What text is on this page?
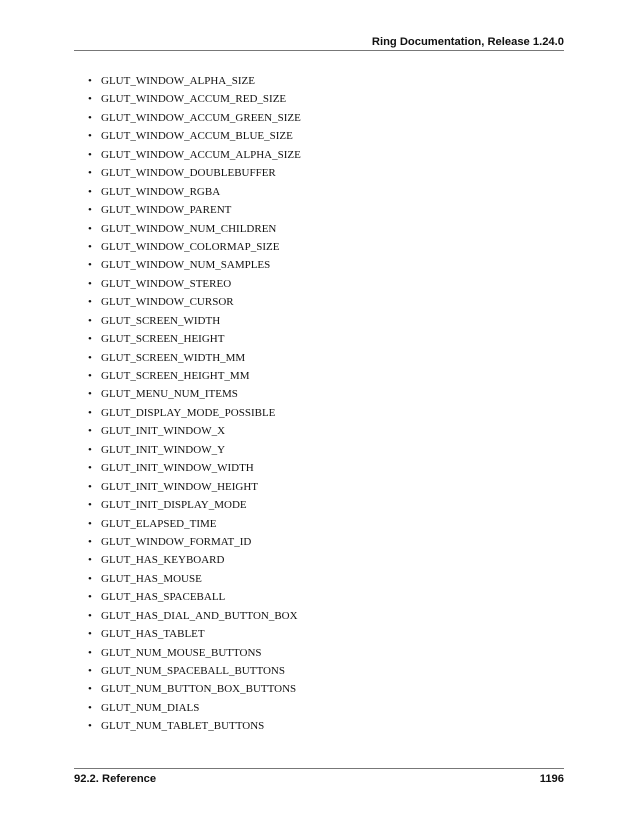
Ring Documentation, Release 1.24.0
• GLUT_WINDOW_ALPHA_SIZE
• GLUT_WINDOW_ACCUM_RED_SIZE
• GLUT_WINDOW_ACCUM_GREEN_SIZE
• GLUT_WINDOW_ACCUM_BLUE_SIZE
• GLUT_WINDOW_ACCUM_ALPHA_SIZE
• GLUT_WINDOW_DOUBLEBUFFER
• GLUT_WINDOW_RGBA
• GLUT_WINDOW_PARENT
• GLUT_WINDOW_NUM_CHILDREN
• GLUT_WINDOW_COLORMAP_SIZE
• GLUT_WINDOW_NUM_SAMPLES
• GLUT_WINDOW_STEREO
• GLUT_WINDOW_CURSOR
• GLUT_SCREEN_WIDTH
• GLUT_SCREEN_HEIGHT
• GLUT_SCREEN_WIDTH_MM
• GLUT_SCREEN_HEIGHT_MM
• GLUT_MENU_NUM_ITEMS
• GLUT_DISPLAY_MODE_POSSIBLE
• GLUT_INIT_WINDOW_X
• GLUT_INIT_WINDOW_Y
• GLUT_INIT_WINDOW_WIDTH
• GLUT_INIT_WINDOW_HEIGHT
• GLUT_INIT_DISPLAY_MODE
• GLUT_ELAPSED_TIME
• GLUT_WINDOW_FORMAT_ID
• GLUT_HAS_KEYBOARD
• GLUT_HAS_MOUSE
• GLUT_HAS_SPACEBALL
• GLUT_HAS_DIAL_AND_BUTTON_BOX
• GLUT_HAS_TABLET
• GLUT_NUM_MOUSE_BUTTONS
• GLUT_NUM_SPACEBALL_BUTTONS
• GLUT_NUM_BUTTON_BOX_BUTTONS
• GLUT_NUM_DIALS
• GLUT_NUM_TABLET_BUTTONS
92.2. Reference	1196
